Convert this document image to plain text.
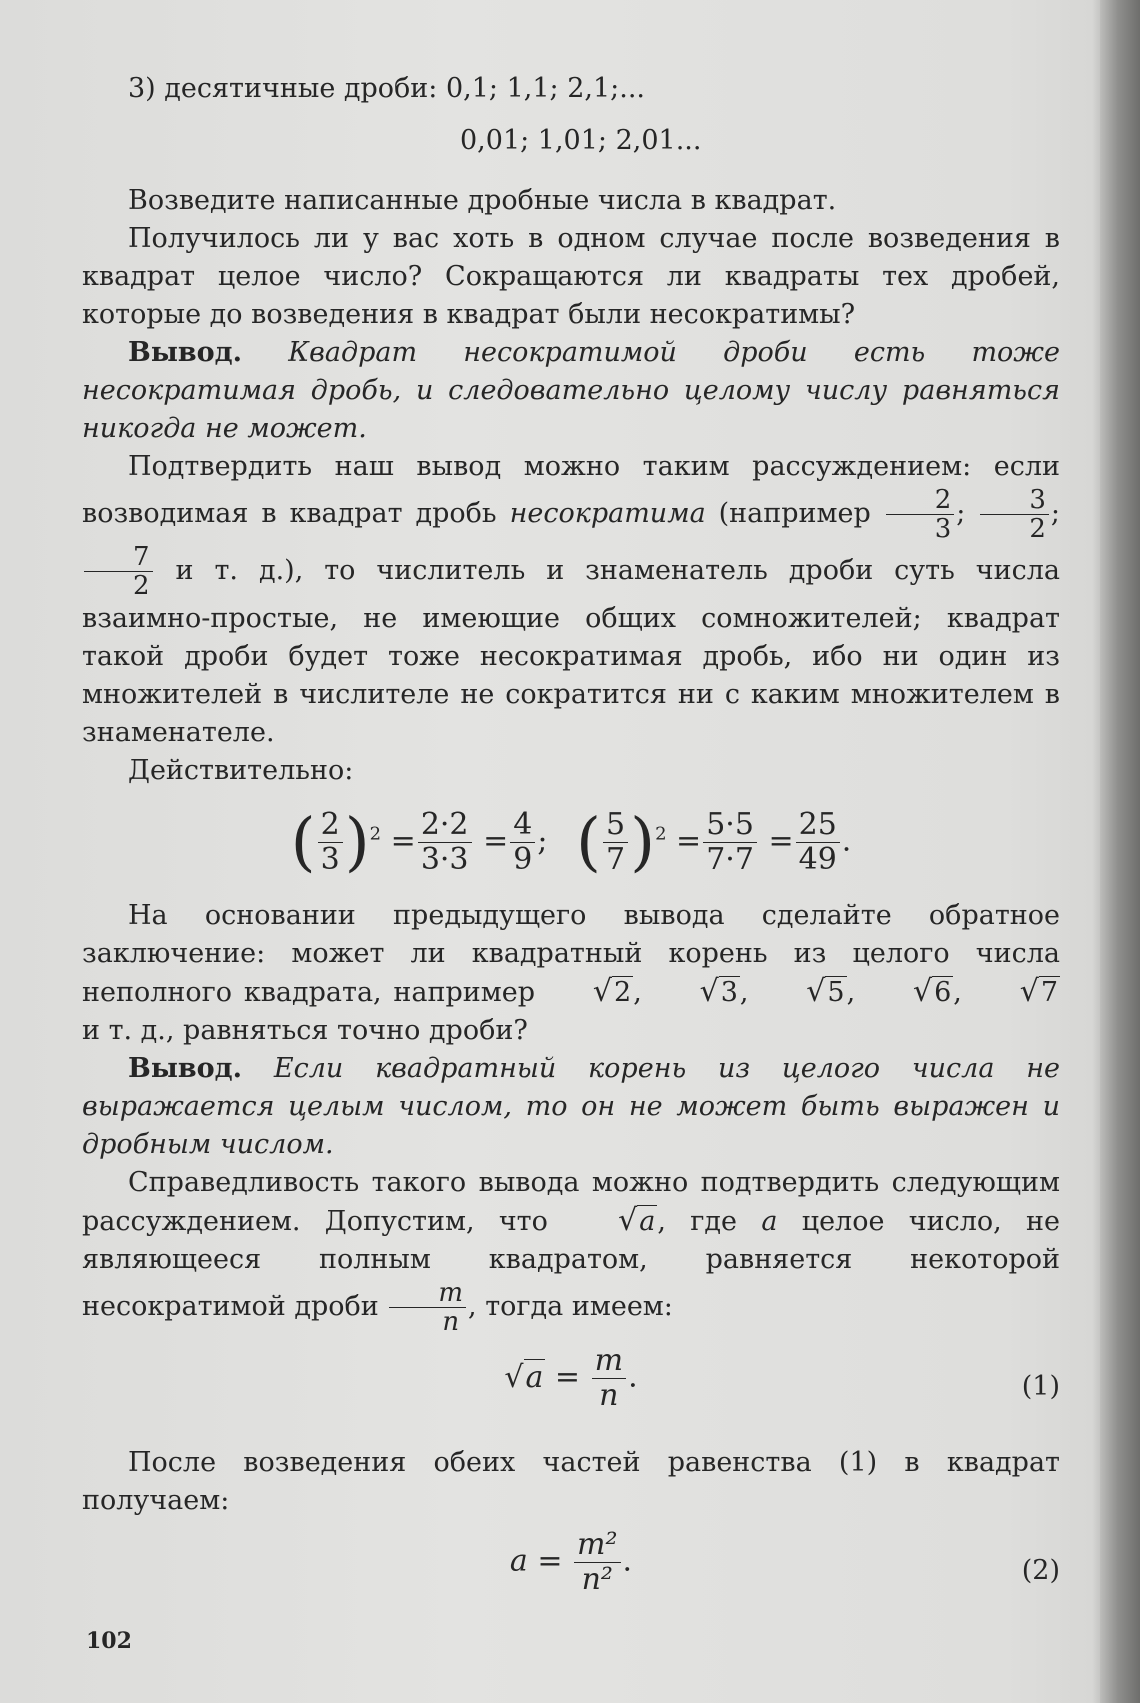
3) десятичные дроби: 0,1; 1,1; 2,1;...

0,01; 1,01; 2,01...

Возведите написанные дробные числа в квадрат.

Получилось ли у вас хоть в одном случае после возведения в квадрат целое число? Сокращаются ли квадраты тех дробей, которые до возведения в квадрат были несократимы?

Вывод. Квадрат несократимой дроби есть тоже несократимая дробь, и следовательно целому числу равняться никогда не может.

Подтвердить наш вывод можно таким рассуждением: если возводимая в квадрат дробь несократима (например $\frac{2}{3}$ ; $\frac{3}{2}$ ;
$\frac{7}{2}$ и т. д.), то числитель и знаменатель дроби суть числа взаимно-простые, не имеющие общих сомножителей; квадрат такой дроби будет тоже несократимая дробь, ибо ни один из множителей в числителе не сократится ни с каким множителем в знаменателе.

Действительно:

( $\frac{2}{3} )^2 = \frac{2\cdot 2}{3\cdot 3} = \frac{4}{9}$ ;   ( $\frac{5}{7} )^2 = \frac{5\cdot 5}{7\cdot 7} = \frac{25}{49}$ .

На основании предыдущего вывода сделайте обратное заключение: может ли квадратный корень из целого числа неполного квадрата, например √2, √3, √5, √6, √7 и т. д., равняться точно дроби?

Вывод. Если квадратный корень из целого числа не выражается целым числом, то он не может быть выражен и дробным числом.

Справедливость такого вывода можно подтвердить следующим рассуждением. Допустим, что √a, где a целое число, не являющееся полным квадратом, равняется некоторой несократимой дроби $\frac{m}{n}$ , тогда имеем:

$√a = \frac{m}{n}$ .	(1)

После возведения обеих частей равенства (1) в квадрат получаем:

$a = \frac{\text{m²}}{\text{n²}}$ .	(2)
102
